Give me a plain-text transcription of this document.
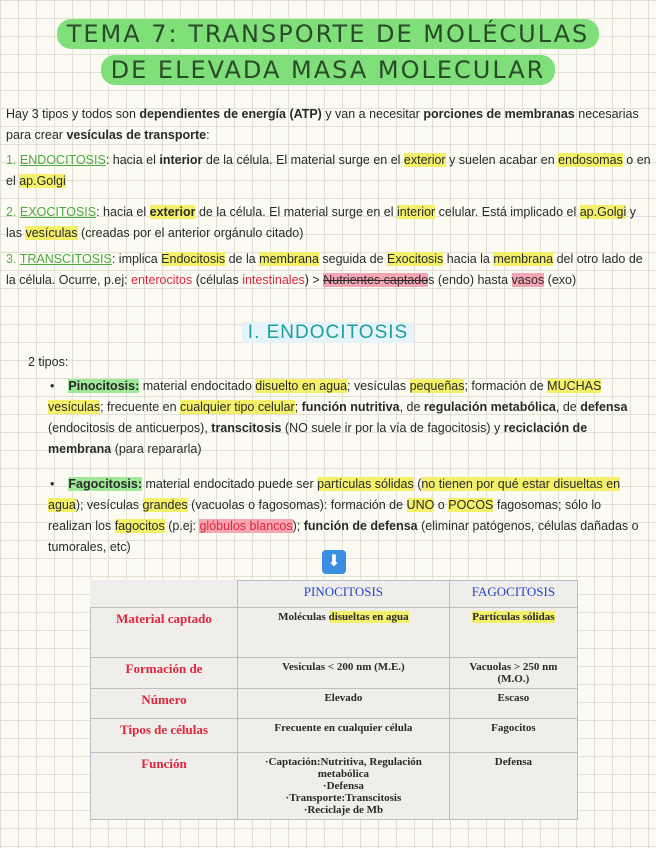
TEMA 7: TRANSPORTE DE MOLÉCULAS
DE ELEVADA MASA MOLECULAR
Hay 3 tipos y todos son dependientes de energía (ATP) y van a necesitar porciones de membranas necesarias para crear vesículas de transporte:
1. ENDOCITOSIS: hacia el interior de la célula. El material surge en el exterior y suelen acabar en endosomas o en el ap.Golgi
2. EXOCITOSIS: hacia el exterior de la célula. El material surge en el interior celular. Está implicado el ap.Golgi y las vesículas (creadas por el anterior orgánulo citado)
3. TRANSCITOSIS: implica Endocitosis de la membrana seguida de Exocitosis hacia la membrana del otro lado de la célula. Ocurre, p.ej: enterocitos (células intestinales) > Nutrientes captados (endo) hasta vasos (exo)
I. ENDOCITOSIS
2 tipos:
• Pinocitosis: material endocitado disuelto en agua; vesículas pequeñas; formación de MUCHAS vesículas; frecuente en cualquier tipo celular; función nutritiva, de regulación metabólica, de defensa (endocitosis de anticuerpos), transcitosis (NO suele ir por la vía de fagocitosis) y reciclación de membrana (para repararla)
• Fagocitosis: material endocitado puede ser partículas sólidas (no tienen por qué estar disueltas en agua); vesículas grandes (vacuolas o fagosomas): formación de UNO o POCOS fagosomas; sólo lo realizan los fagocitos (p.ej: glóbulos blancos); función de defensa (eliminar patógenos, células dañadas o tumorales, etc)
⬇
	PINOCITOSIS	FAGOCITOSIS
Material captado	Moléculas disueltas en agua	Partículas sólidas
Formación de	Vesículas < 200 nm (M.E.)	Vacuolas > 250 nm (M.O.)
Número	Elevado	Escaso
Tipos de células	Frecuente en cualquier célula	Fagocitos
Función	·Captación:Nutritiva, Regulación metabólica
·Defensa
·Transporte:Transcitosis
·Reciclaje de Mb	Defensa
